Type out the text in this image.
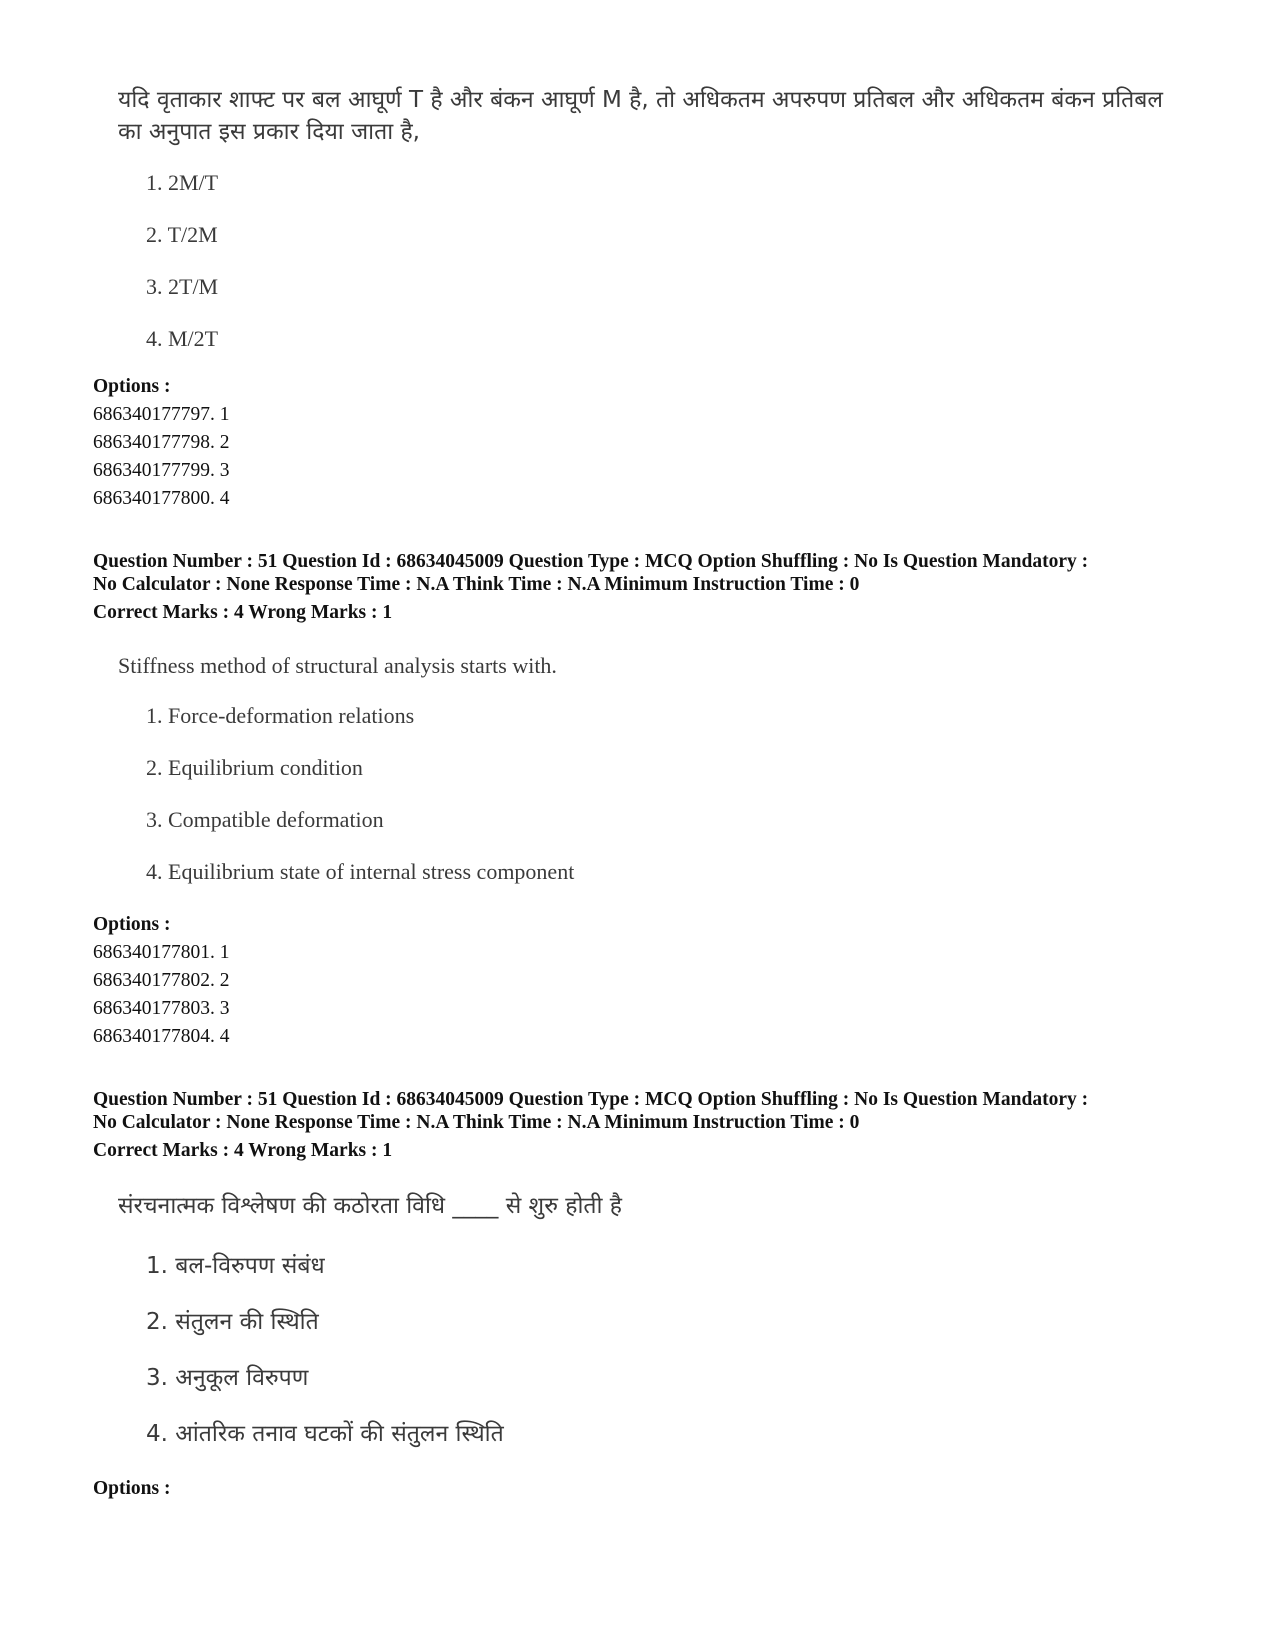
यदि वृताकार शाफ्ट पर बल आघूर्ण T है और बंकन आघूर्ण M है, तो अधिकतम अपरुपण प्रतिबल और अधिकतम बंकन प्रतिबल का अनुपात इस प्रकार दिया जाता है,
1. 2M/T
2. T/2M
3. 2T/M
4. M/2T
Options :
686340177797. 1
686340177798. 2
686340177799. 3
686340177800. 4
Question Number : 51 Question Id : 68634045009 Question Type : MCQ Option Shuffling : No Is Question Mandatory :
No Calculator : None Response Time : N.A Think Time : N.A Minimum Instruction Time : 0
Correct Marks : 4 Wrong Marks : 1
Stiffness method of structural analysis starts with.
1. Force-deformation relations
2. Equilibrium condition
3. Compatible deformation
4. Equilibrium state of internal stress component
Options :
686340177801. 1
686340177802. 2
686340177803. 3
686340177804. 4
Question Number : 51 Question Id : 68634045009 Question Type : MCQ Option Shuffling : No Is Question Mandatory :
No Calculator : None Response Time : N.A Think Time : N.A Minimum Instruction Time : 0
Correct Marks : 4 Wrong Marks : 1
संरचनात्मक विश्लेषण की कठोरता विधि ____ से शुरु होती है
1. बल-विरुपण संबंध
2. संतुलन की स्थिति
3. अनुकूल विरुपण
4. आंतरिक तनाव घटकों की संतुलन स्थिति
Options :
